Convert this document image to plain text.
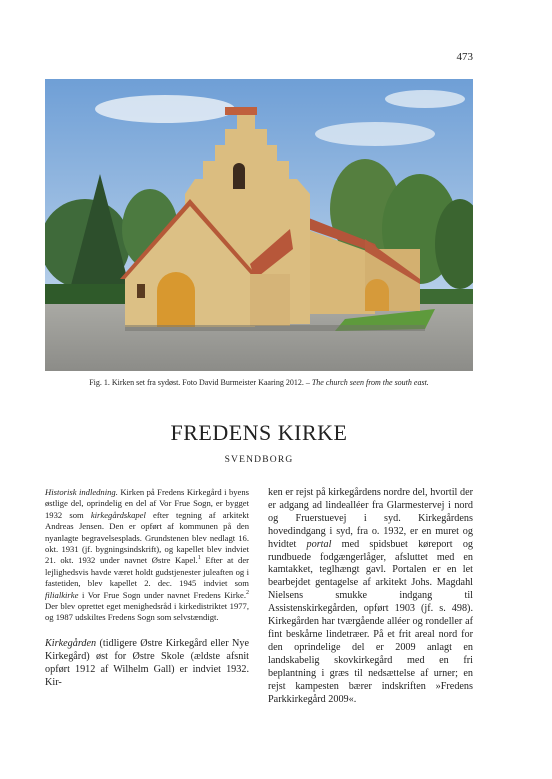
473
Fig. 1. Kirken set fra sydøst. Foto David Burmeister Kaaring 2012. – The church seen from the south east.
FREDENS KIRKE
SVENDBORG

Historisk indledning. Kirken på Fredens Kirkegård i byens østlige del, oprindelig en del af Vor Frue Sogn, er bygget 1932 som kirkegårdskapel efter tegning af arkitekt Andreas Jensen. Den er opført af kommunen på den nyanlagte begravelsesplads. Grundstenen blev nedlagt 16. okt. 1931 (jf. bygningsindskrift), og kapellet blev indviet 21. okt. 1932 under navnet Østre Kapel.$^1$ Efter at der lejlighedsvis havde været holdt gudstjenester juleaften og i fastetiden, blev kapellet 2. dec. 1945 indviet som filialkirke i Vor Frue Sogn under navnet Fredens Kirke.$^2$ Der blev oprettet eget menighedsråd i kirkedistriktet 1977, og 1987 udskiltes Fredens Sogn som selvstændigt.

Kirkegården (tidligere Østre Kirkegård eller Nye Kirkegård) øst for Østre Skole (ældste afsnit opført 1912 af Wilhelm Gall) er indviet 1932. Kir-

ken er rejst på kirkegårdens nordre del, hvortil der er adgang ad lindealléer fra Glarmestervej i nord og Fruerstuevej i syd. Kirkegårdens hovedindgang i syd, fra o. 1932, er en muret og hvidtet portal med spidsbuet køreport og rundbuede fodgængerlåger, afsluttet med en kamtakket, teglhængt gavl. Portalen er en let bearbejdet gentagelse af arkitekt Johs. Magdahl Nielsens smukke indgang til Assistenskirkegården, opført 1903 (jf. s. 498). Kirkegården har tværgående alléer og rondeller af fint beskårne lindetræer. På et frit areal nord for den oprindelige del er 2009 anlagt en landskabelig skovkirkegård med en fri beplantning i græs til nedsættelse af urner; en rejst kampesten bærer indskriften »Fredens Parkkirkegård 2009«.
